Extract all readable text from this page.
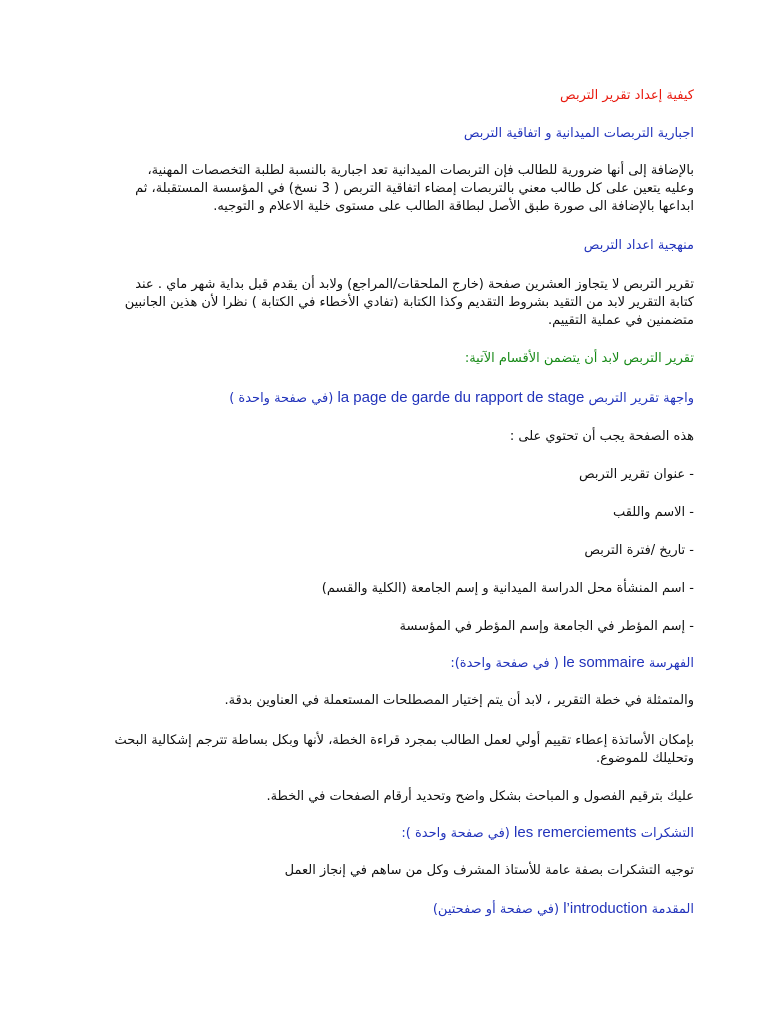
كيفية إعداد تقرير التربص

اجبارية التربصات الميدانية و اتفاقية التربص

بالإضافة إلى أنها ضرورية للطالب فإن التربصات الميدانية تعد اجبارية بالنسبة لطلبة التخصصات المهنية،
وعليه يتعين على كل طالب معني بالتربصات إمضاء اتفاقية التربص ( 3 نسخ) في المؤسسة المستقبلة، ثم
ابداعها بالإضافة الى صورة طبق الأصل لبطاقة الطالب على مستوى خلية الاعلام و التوجيه.

منهجية اعداد التربص

تقرير التربص لا يتجاوز العشرين صفحة (خارج الملحقات/المراجع) ولابد أن يقدم قبل بداية شهر ماي . عند
كتابة التقرير لابد من التقيد بشروط التقديم وكذا الكتابة (تفادي الأخطاء في الكتابة ) نظرا لأن هذين الجانبين
متضمنين في عملية التقييم.

تقرير التربص لابد أن يتضمن الأقسام الآتية:

واجهة تقرير التربص la page de garde du rapport de stage (في صفحة واحدة )

هذه الصفحة يجب أن تحتوي على :

- عنوان تقرير التربص

- الاسم واللقب

- تاريخ /فترة التربص

- اسم المنشأة محل الدراسة الميدانية و إسم الجامعة (الكلية والقسم)

- إسم المؤطر في الجامعة وإسم المؤطر في المؤسسة

الفهرسة le sommaire ( في صفحة واحدة):

والمتمثلة في خطة التقرير ، لابد أن يتم إختيار المصطلحات المستعملة في العناوين بدقة.

بإمكان الأساتذة إعطاء تقييم أولي لعمل الطالب بمجرد قراءة الخطة، لأنها وبكل بساطة تترجم إشكالية البحث
وتحليلك للموضوع.

عليك بترقيم الفصول و المباحث بشكل واضح وتحديد أرقام الصفحات في الخطة.

التشكرات les remerciements (في صفحة واحدة ):

توجيه التشكرات بصفة عامة للأستاذ المشرف وكل من ساهم في إنجاز العمل

المقدمة l’introduction (في صفحة أو صفحتين)
